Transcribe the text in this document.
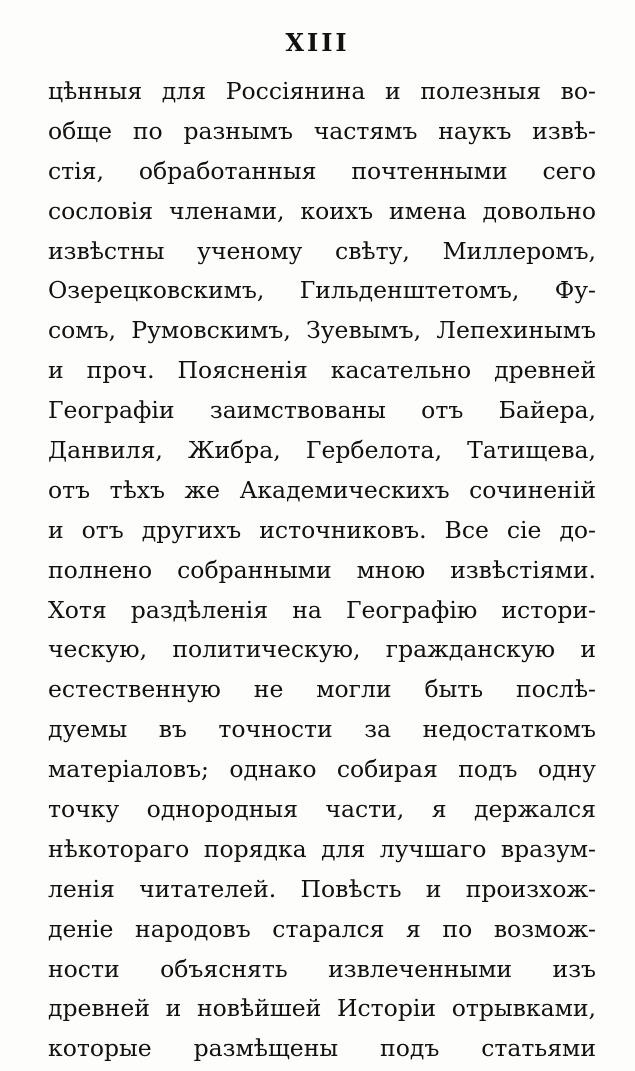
XIII
цѣнныя для Россіянина и полезныя во-
обще по разнымъ частямъ наукъ извѣ-
стія, обработанныя почтенными сего
сословія членами, коихъ имена довольно
извѣстны ученому свѣту, Миллеромъ,
Озерецковскимъ, Гильденштетомъ, Фу-
сомъ, Румовскимъ, Зуевымъ, Лепехинымъ
и проч. Поясненія касательно древней
Географіи заимствованы отъ Байера,
Данвиля, Жибра, Гербелота, Татищева,
отъ тѣхъ же Академическихъ сочиненій
и отъ другихъ источниковъ. Все сіе до-
полнено собранными мною извѣстіями.
Хотя раздѣленія на Географію истори-
ческую, политическую, гражданскую и
естественную не могли быть послѣ-
дуемы въ точности за недостаткомъ
матеріаловъ; однако собирая подъ одну
точку однородныя части, я держался
нѣкотораго порядка для лучшаго вразум-
ленія читателей. Повѣсть и произхож-
деніе народовъ старался я по возмож-
ности объяснять извлеченными изъ
древней и новѣйшей Исторіи отрывками,
которые размѣщены подъ статьями
